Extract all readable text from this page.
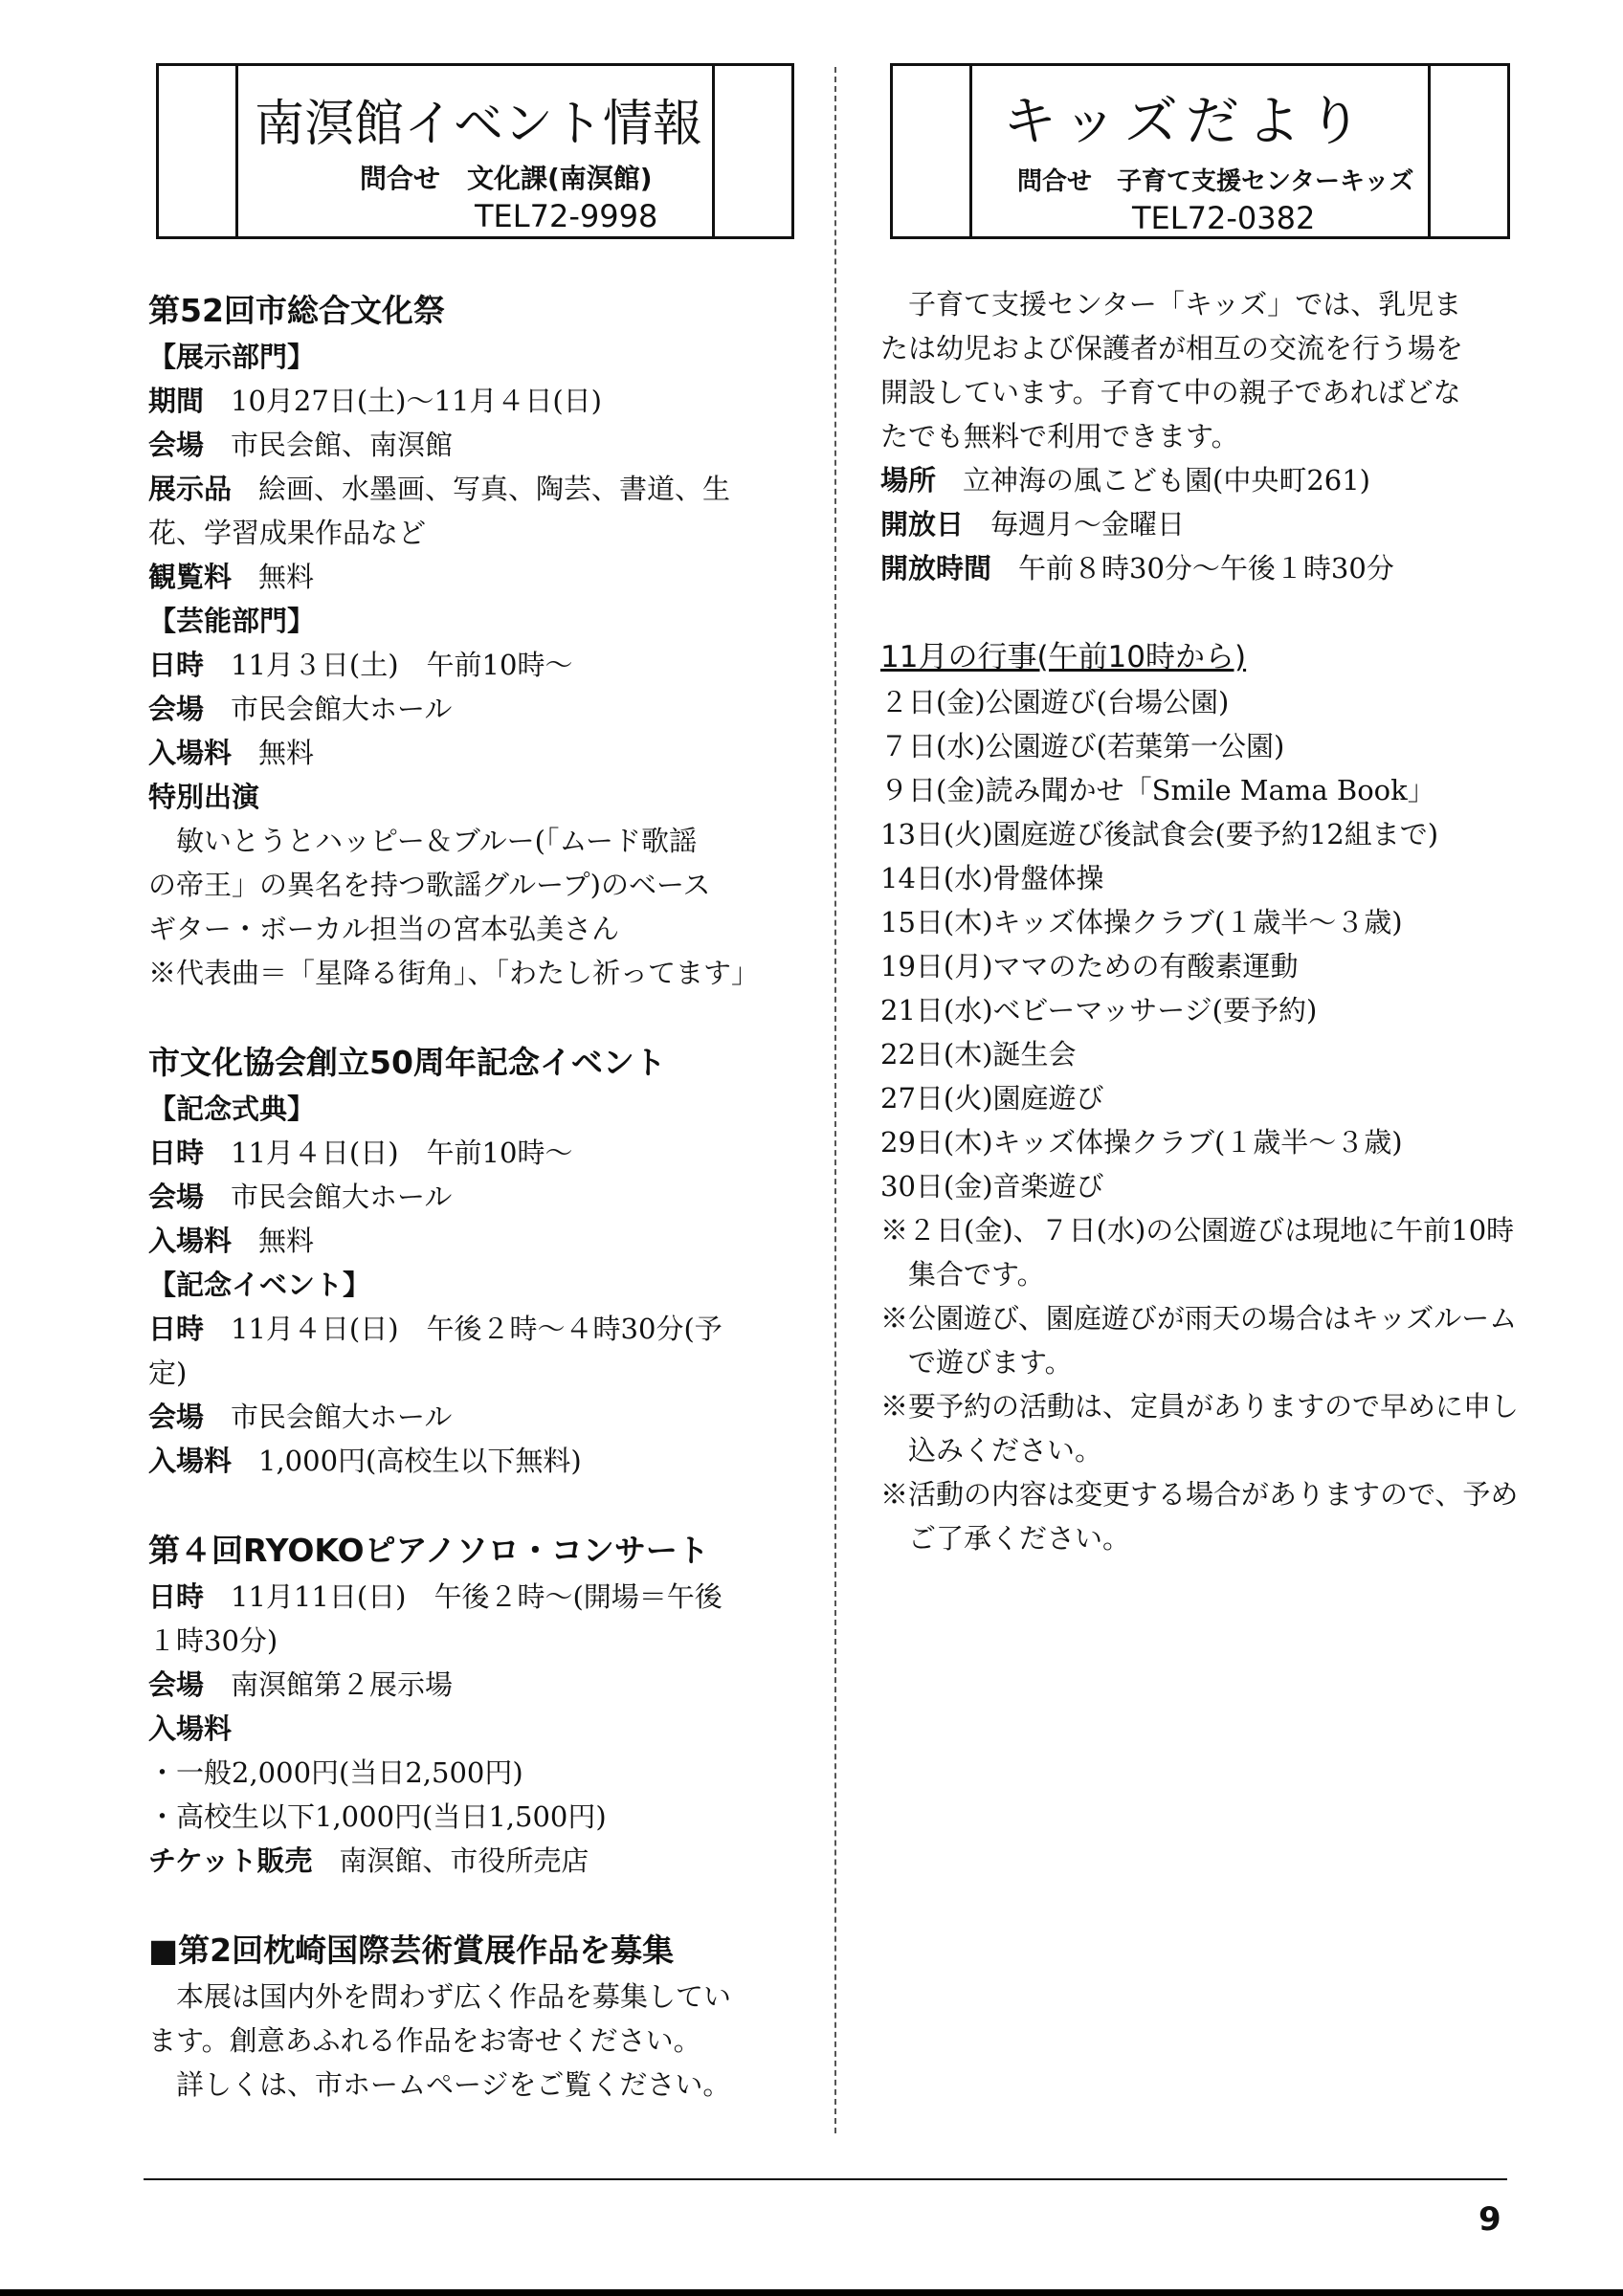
南溟館イベント情報
問合せ　文化課(南溟館)
TEL72-9998
キッズだより
問合せ　子育て支援センターキッズ
TEL72-0382
第52回市総合文化祭
【展示部門】
期間 10月27日(土)～11月４日(日)
会場 市民会館、南溟館
展示品 絵画、水墨画、写真、陶芸、書道、生
花、学習成果作品など
観覧料 無料
【芸能部門】
日時 11月３日(土)　午前10時～
会場 市民会館大ホール
入場料 無料
特別出演
敏いとうとハッピー＆ブルー(「ムード歌謡
の帝王」の異名を持つ歌謡グループ)のベース
ギター・ボーカル担当の宮本弘美さん
※代表曲＝「星降る街角」、「わたし祈ってます」
市文化協会創立50周年記念イベント
【記念式典】
日時 11月４日(日)　午前10時～
会場 市民会館大ホール
入場料 無料
【記念イベント】
日時 11月４日(日)　午後２時～４時30分(予
定)
会場 市民会館大ホール
入場料 1,000円(高校生以下無料)
第４回RYOKOピアノソロ・コンサート
日時 11月11日(日)　午後２時～(開場＝午後
１時30分)
会場 南溟館第２展示場
入場料
・一般2,000円(当日2,500円)
・高校生以下1,000円(当日1,500円)
チケット販売 南溟館、市役所売店
■第2回枕崎国際芸術賞展作品を募集
本展は国内外を問わず広く作品を募集してい
ます。創意あふれる作品をお寄せください。
詳しくは、市ホームページをご覧ください。
子育て支援センター「キッズ」では、乳児ま
たは幼児および保護者が相互の交流を行う場を
開設しています。子育て中の親子であればどな
たでも無料で利用できます。
場所 立神海の風こども園(中央町261)
開放日 毎週月～金曜日
開放時間 午前８時30分～午後１時30分
11月の行事(午前10時から)
２日(金)公園遊び(台場公園)
７日(水)公園遊び(若葉第一公園)
９日(金)読み聞かせ「Smile Mama Book」
13日(火)園庭遊び後試食会(要予約12組まで)
14日(水)骨盤体操
15日(木)キッズ体操クラブ(１歳半～３歳)
19日(月)ママのための有酸素運動
21日(水)ベビーマッサージ(要予約)
22日(木)誕生会
27日(火)園庭遊び
29日(木)キッズ体操クラブ(１歳半～３歳)
30日(金)音楽遊び
※２日(金)、７日(水)の公園遊びは現地に午前10時集合です。
※公園遊び、園庭遊びが雨天の場合はキッズルームで遊びます。
※要予約の活動は、定員がありますので早めに申し込みください。
※活動の内容は変更する場合がありますので、予めご了承ください。
9
